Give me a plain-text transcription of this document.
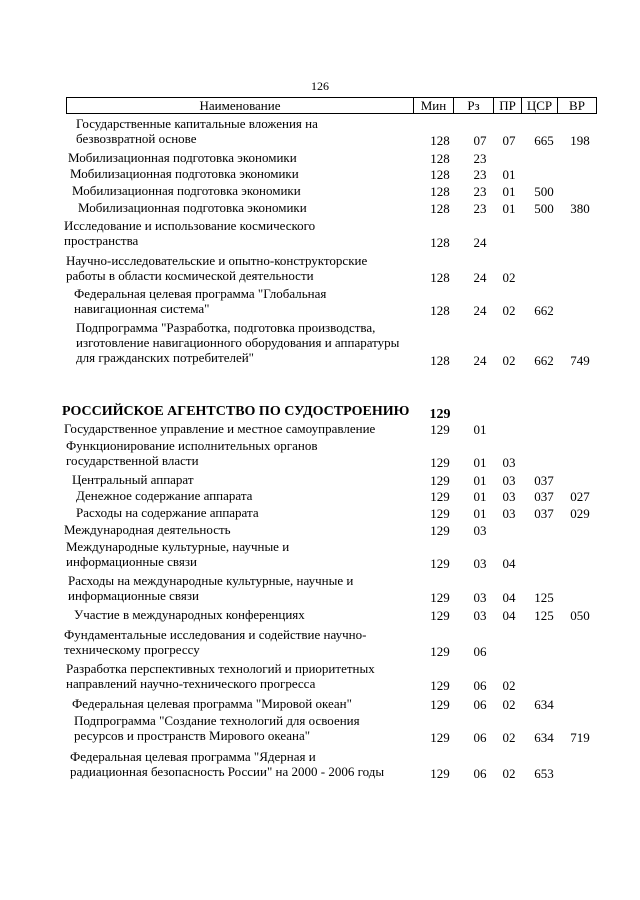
126
Наименование	Мин	Рз	ПР ЦСР	ВР
Государственные капитальные вложения на
безвозвратной основе	128	07	07	665	198
Мобилизационная подготовка экономики	128	23
Мобилизационная подготовка экономики	128	23	01
Мобилизационная подготовка экономики	128	23	01	500
Мобилизационная подготовка экономики	128	23	01	500	380
Исследование и использование космического
пространства	128	24
Научно-исследовательские и опытно-конструкторские
работы в области космической деятельности	128	24	02
Федеральная целевая программа "Глобальная
навигационная система"	128	24	02	662
Подпрограмма "Разработка, подготовка производства,
изготовление навигационного оборудования и аппаратуры
для гражданских потребителей"	128	24	02	662	749
РОССИЙСКОЕ АГЕНТСТВО ПО СУДОСТРОЕНИЮ	129
Государственное управление и местное самоуправление	129	01
Функционирование исполнительных органов
государственной власти	129	01	03
Центральный аппарат	129	01	03	037
Денежное содержание аппарата	129	01	03	037	027
Расходы на содержание аппарата	129	01	03	037	029
Международная деятельность	129	03
Международные культурные, научные и
информационные связи	129	03	04
Расходы на международные культурные, научные и
информационные связи	129	03	04	125
Участие в международных конференциях	129	03	04	125	050
Фундаментальные исследования и содействие научно-
техническому прогрессу	129	06
Разработка перспективных технологий и приоритетных
направлений научно-технического прогресса	129	06	02
Федеральная целевая программа "Мировой океан"	129	06	02	634
Подпрограмма "Создание технологий для освоения
ресурсов и пространств Мирового океана"	129	06	02	634	719
Федеральная целевая программа "Ядерная и
радиационная безопасность России" на 2000 - 2006 годы	129	06	02	653
